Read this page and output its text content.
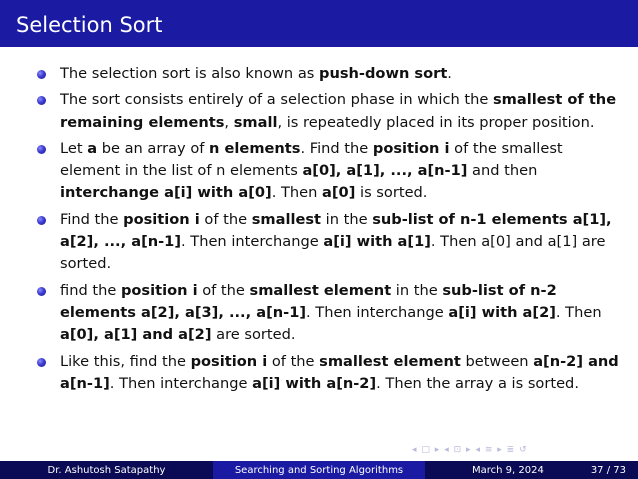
Selection Sort
The selection sort is also known as push-down sort.
The sort consists entirely of a selection phase in which the smallest of the remaining elements, small, is repeatedly placed in its proper position.
Let a be an array of n elements. Find the position i of the smallest element in the list of n elements a[0], a[1], ..., a[n-1] and then interchange a[i] with a[0]. Then a[0] is sorted.
Find the position i of the smallest in the sub-list of n-1 elements a[1], a[2], ..., a[n-1]. Then interchange a[i] with a[1]. Then a[0] and a[1] are sorted.
find the position i of the smallest element in the sub-list of n-2 elements a[2], a[3], ..., a[n-1]. Then interchange a[i] with a[2]. Then a[0], a[1] and a[2] are sorted.
Like this, find the position i of the smallest element between a[n-2] and a[n-1]. Then interchange a[i] with a[n-2]. Then the array a is sorted.
◂ □ ▸ ◂ ⊡ ▸ ◂ ≡ ▸ ≣ ↺
Dr. Ashutosh Satapathy	Searching and Sorting Algorithms	March 9, 2024	37 / 73
